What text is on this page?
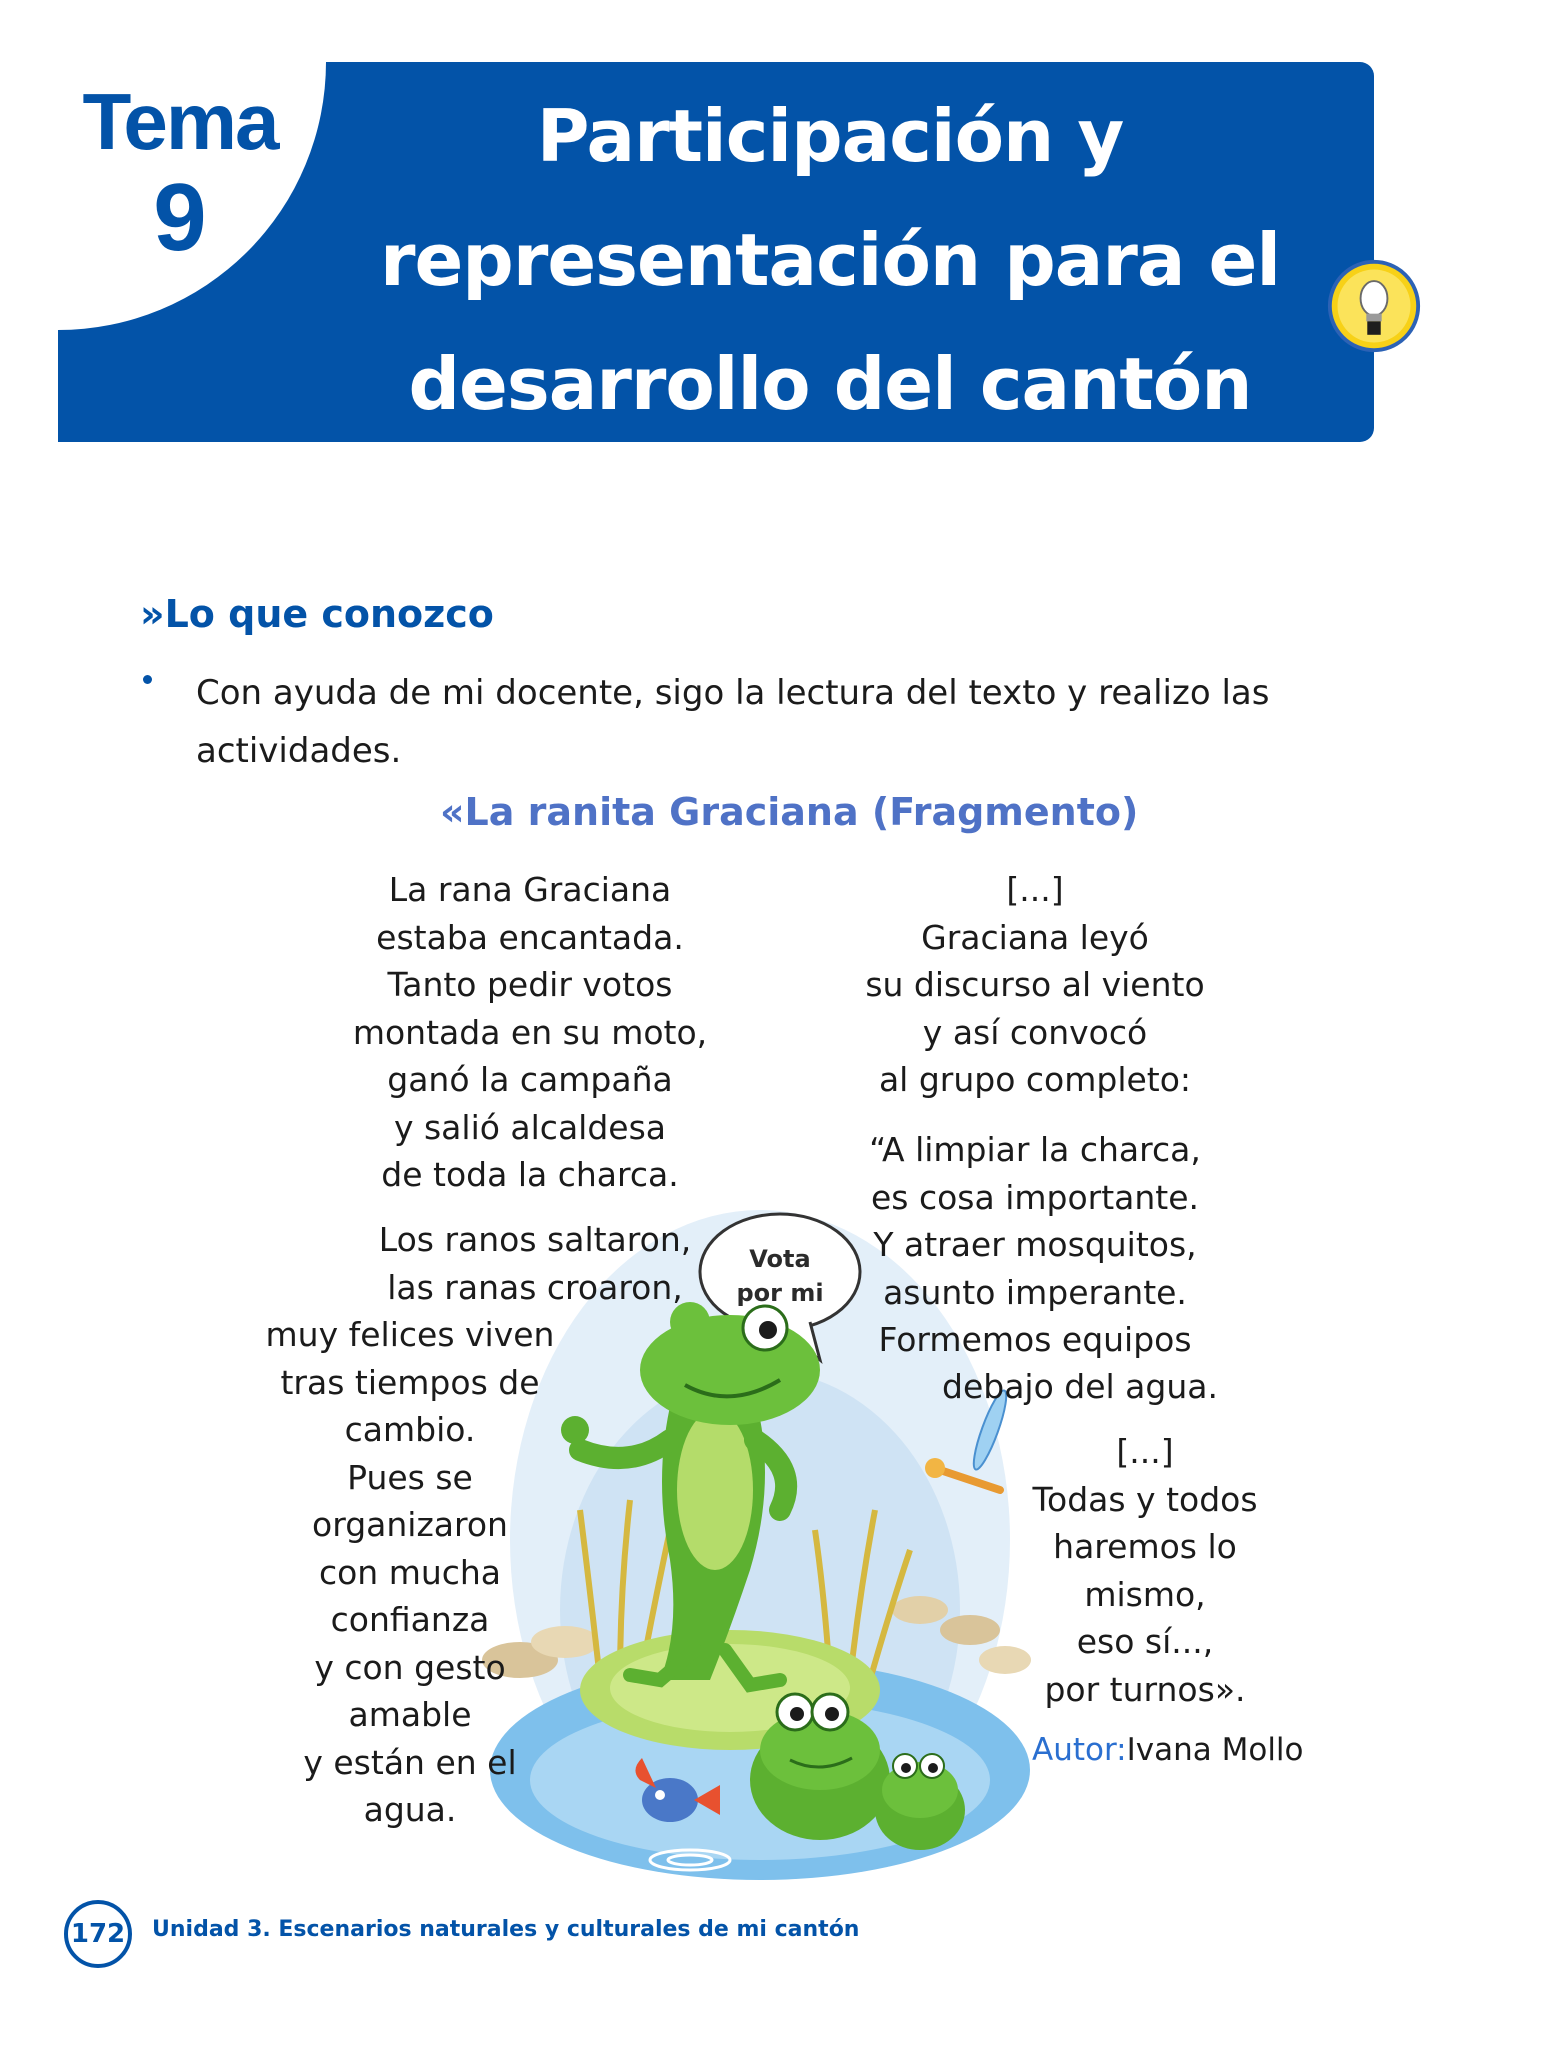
Tema
9
Participación y
representación para el
desarrollo del cantón
»Lo que conozco
Con ayuda de mi docente, sigo la lectura del texto y realizo las
actividades.
«La ranita Graciana (Fragmento)
Vota
por mi
La rana Graciana
estaba encantada.
Tanto pedir votos
montada en su moto,
ganó la campaña
y salió alcaldesa
de toda la charca.
Los ranos saltaron,
las ranas croaron,
muy felices viven
tras tiempos de
cambio.
Pues se
organizaron
con mucha
confianza
y con gesto
amable
y están en el
agua.
[...]
Graciana leyó
su discurso al viento
y así convocó
al grupo completo:
“A limpiar la charca,
es cosa importante.
Y atraer mosquitos,
asunto imperante.
Formemos equipos
debajo del agua.
[...]
Todas y todos
haremos lo
mismo,
eso sí...,
por turnos».
Autor:Ivana Mollo
172	Unidad 3. Escenarios naturales y culturales de mi cantón
